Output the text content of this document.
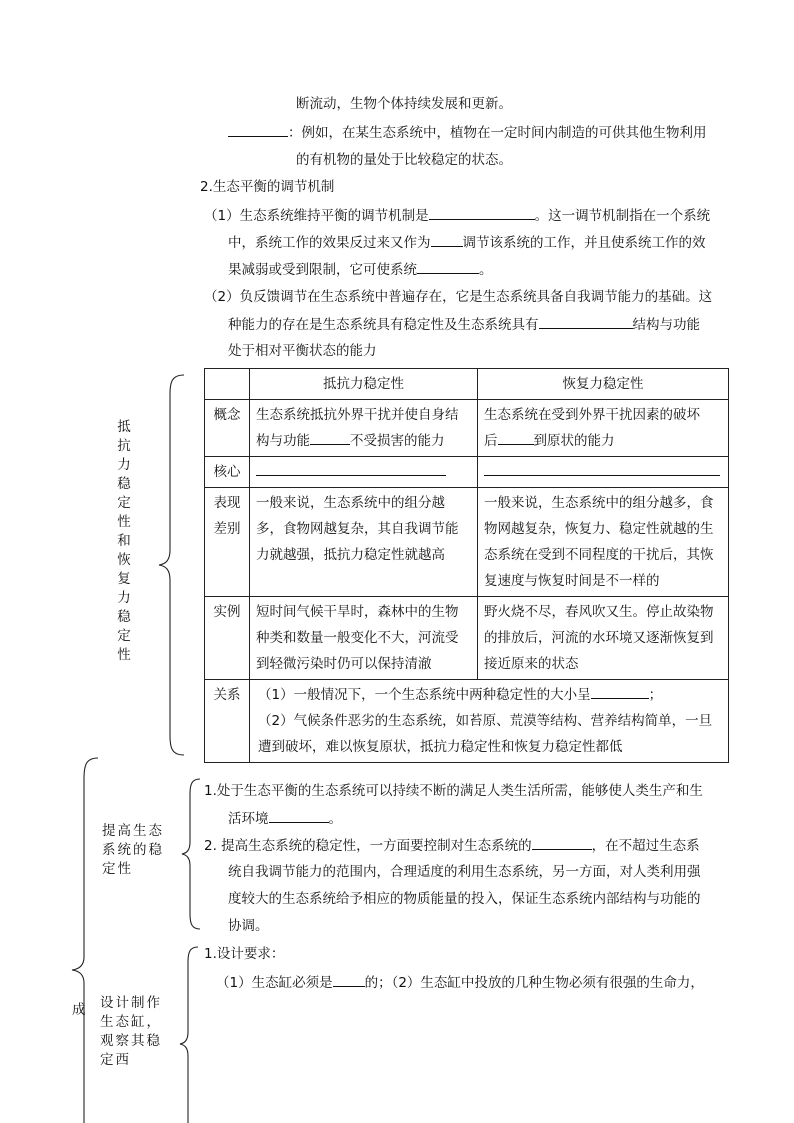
断流动，生物个体持续发展和更新。
：例如，在某生态系统中，植物在一定时间内制造的可供其他生物利用
的有机物的量处于比较稳定的状态。
2.生态平衡的调节机制
（1）生态系统维持平衡的调节机制是	。这一调节机制指在一个系统
中，系统工作的效果反过来又作为 调节该系统的工作，并且使系统工作的效
果减弱或受到限制，它可使系统	。
（2）负反馈调节在生态系统中普遍存在，它是生态系统具备自我调节能力的基础。这
种能力的存在是生态系统具有稳定性及生态系统具有	结构与功能
处于相对平衡状态的能力
抵抗力稳定性和恢复力稳定性
	抵抗力稳定性	恢复力稳定性
概念	生态系统抵抗外界干扰并使自身结
构与功能 不受损害的能力	生态系统在受到外界干扰因素的破坏
后 到原状的能力
核心		
表现差别	一般来说，生态系统中的组分越多，食物网越复杂，其自我调节能力就越强，抵抗力稳定性就越高	一般来说，生态系统中的组分越多，食物网越复杂，恢复力、稳定性就越的生态系统在受到不同程度的干扰后，其恢复速度与恢复时间是不一样的
实例	短时间气候干旱时，森林中的生物种类和数量一般变化不大，河流受到轻微污染时仍可以保持清澈	野火烧不尽，春风吹又生。停止故染物的排放后，河流的水环境又逐渐恢复到接近原来的状态
关系	（1）一般情况下，一个生态系统中两种稳定性的大小呈 ；
（2）气候条件恶劣的生态系统，如苔原、荒漠等结构、营养结构简单，一旦遭到破坏，难以恢复原状，抵抗力稳定性和恢复力稳定性都低	
提高生态系统的稳定性
1.处于生态平衡的生态系统可以持续不断的满足人类生活所需，能够使人类生产和生
活环境	。
2. 提高生态系统的稳定性，一方面要控制对生态系统的	，在不超过生态系
统自我调节能力的范围内，合理适度的利用生态系统，另一方面，对人类利用强
度较大的生态系统给予相应的物质能量的投入，保证生态系统内部结构与功能的
协调。
成 设计制作生态缸，观察其稳定西
1.设计要求：
（1）生态缸必须是 的；（2）生态缸中投放的几种生物必须有很强的生命力，
